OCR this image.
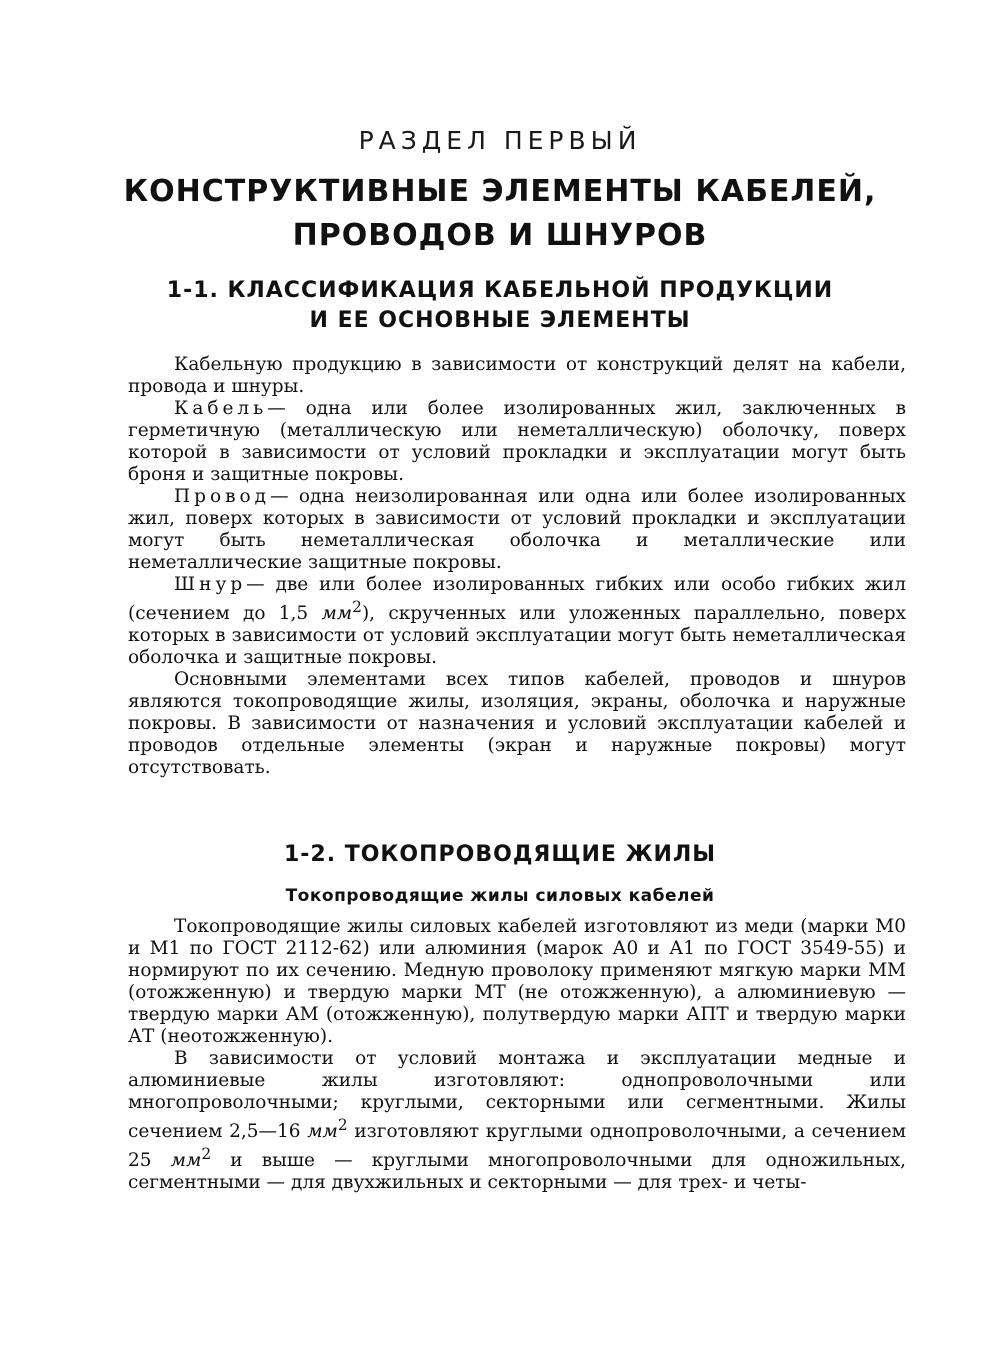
РАЗДЕЛ ПЕРВЫЙ
КОНСТРУКТИВНЫЕ ЭЛЕМЕНТЫ КАБЕЛЕЙ,
ПРОВОДОВ И ШНУРОВ
1-1. КЛАССИФИКАЦИЯ КАБЕЛЬНОЙ ПРОДУКЦИИ
И ЕЕ ОСНОВНЫЕ ЭЛЕМЕНТЫ

Кабельную продукцию в зависимости от конструкций делят на кабели, провода и шнуры.

Кабель— одна или более изолированных жил, заключенных в герметичную (металлическую или неметаллическую) оболочку, поверх которой в зависимости от условий прокладки и эксплуатации могут быть броня и защитные покровы.

Провод— одна неизолированная или одна или более изолированных жил, поверх которых в зависимости от условий прокладки и эксплуатации могут быть неметаллическая оболочка и металлические или неметаллические защитные покровы.

Шнур— две или более изолированных гибких или особо гибких жил (сечением до 1,5 $мм^2$), скрученных или уложенных параллельно, поверх которых в зависимости от условий эксплуатации могут быть неметаллическая оболочка и защитные покровы.

Основными элементами всех типов кабелей, проводов и шнуров являются токопроводящие жилы, изоляция, экраны, оболочка и наружные покровы. В зависимости от назначения и условий эксплуатации кабелей и проводов отдельные элементы (экран и наружные покровы) могут отсутствовать.

1-2. ТОКОПРОВОДЯЩИЕ ЖИЛЫ
Токопроводящие жилы силовых кабелей

Токопроводящие жилы силовых кабелей изготовляют из меди (марки М0 и М1 по ГОСТ 2112-62) или алюминия (марок А0 и А1 по ГОСТ 3549-55) и нормируют по их сечению. Медную проволоку применяют мягкую марки ММ (отожженную) и твердую марки МТ (не отожженную), а алюминиевую — твердую марки АМ (отожженную), полутвердую марки АПТ и твердую марки АТ (неотожженную).

В зависимости от условий монтажа и эксплуатации медные и алюминиевые жилы изготовляют: однопроволочными или многопроволочными; круглыми, секторными или сегментными. Жилы сечением 2,5—16 $мм^2$ изготовляют круглыми однопроволочными, а сечением 25 $мм^2$ и выше — круглыми многопроволочными для одножильных, сегментными — для двухжильных и секторными — для трех- и четы-
